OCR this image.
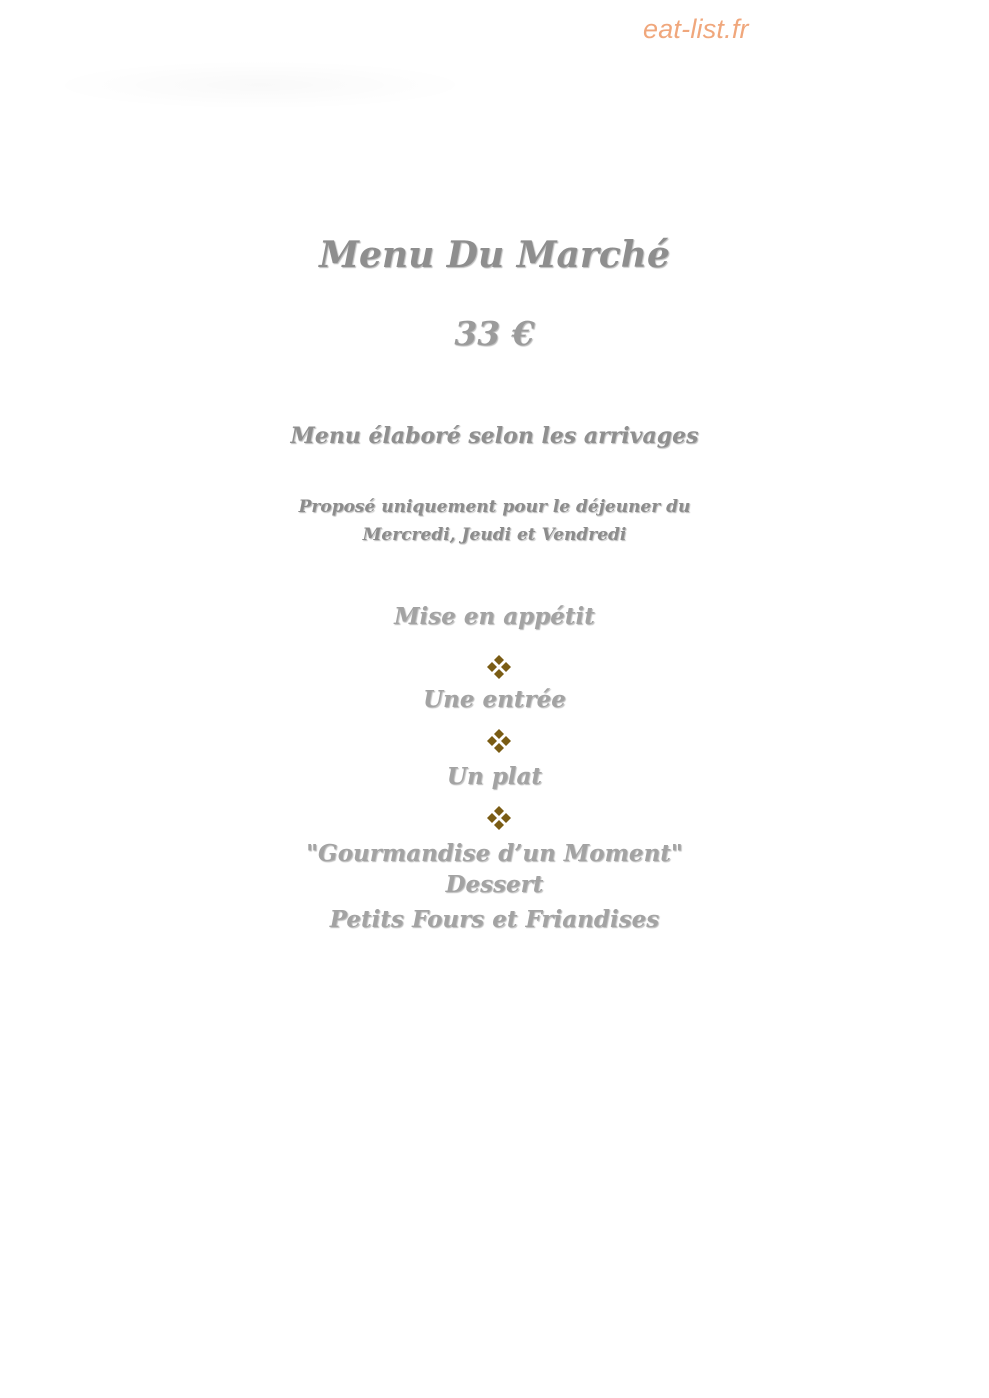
eat-list.fr
Menu Du Marché
33 €
Menu élaboré selon les arrivages
Proposé uniquement pour le déjeuner du
Mercredi, Jeudi et Vendredi
Mise en appétit
Une entrée
Un plat
"Gourmandise d’un Moment"
Dessert
Petits Fours et Friandises
